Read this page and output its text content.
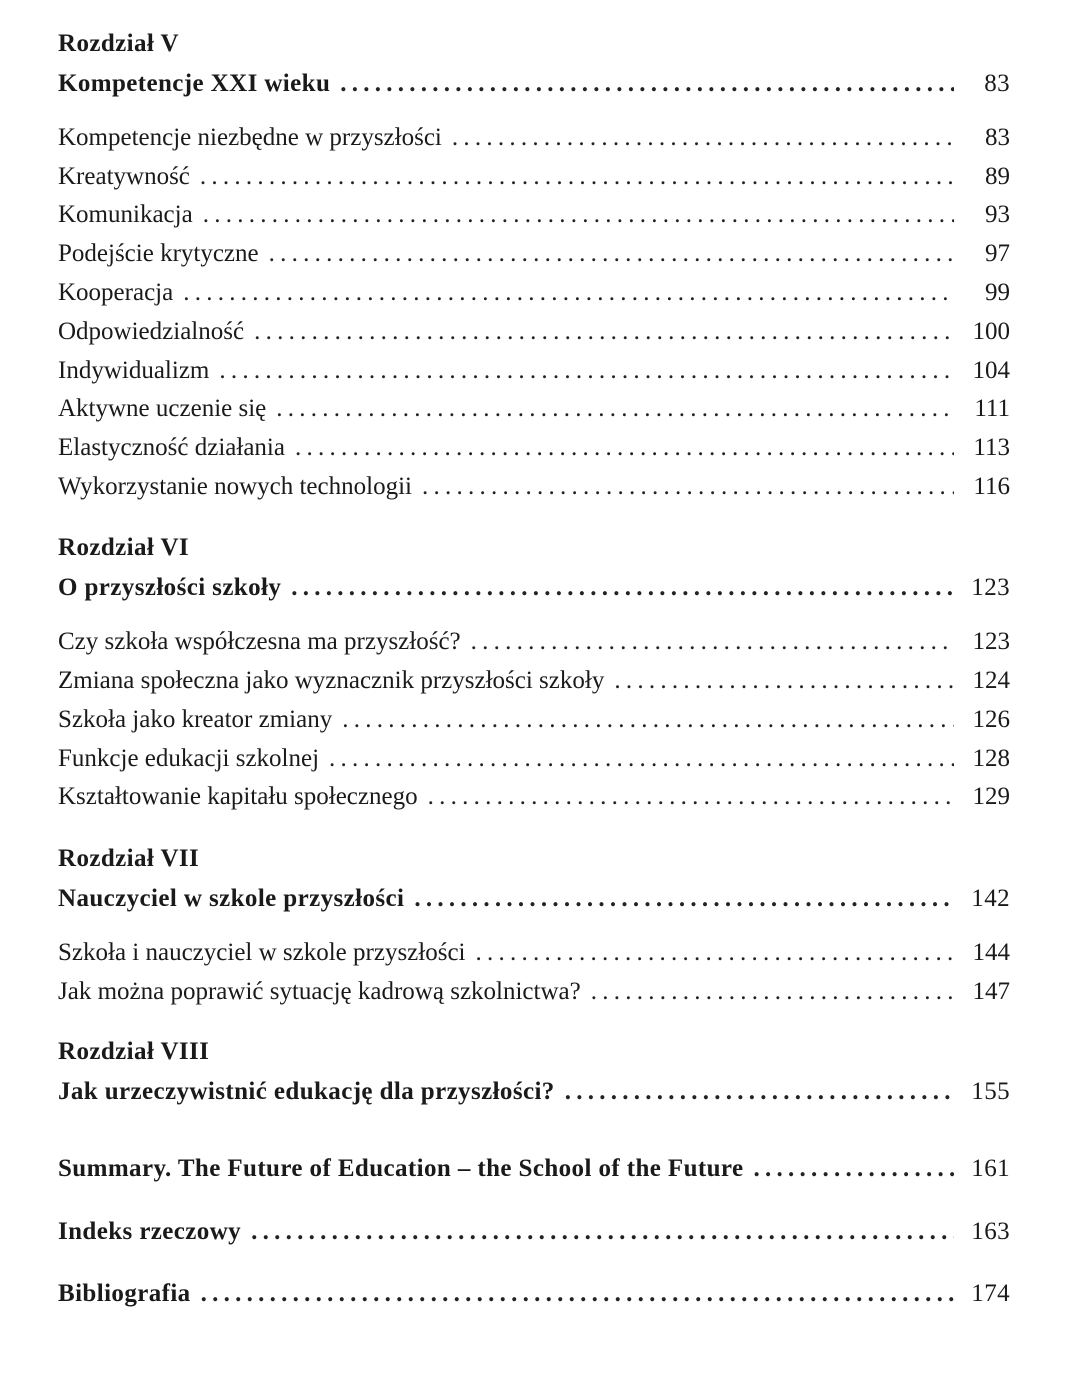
Rozdział V
Kompetencje XXI wieku . . .	83
Kompetencje niezbędne w przyszłości . . .	83
Kreatywność . . .	89
Komunikacja . . .	93
Podejście krytyczne . . .	97
Kooperacja . . .	99
Odpowiedzialność . . .	100
Indywidualizm . . .	104
Aktywne uczenie się . . .	111
Elastyczność działania . . .	113
Wykorzystanie nowych technologii . . .	116
Rozdział VI
O przyszłości szkoły . . .	123
Czy szkoła współczesna ma przyszłość? . . .	123
Zmiana społeczna jako wyznacznik przyszłości szkoły . . .	124
Szkoła jako kreator zmiany . . .	126
Funkcje edukacji szkolnej . . .	128
Kształtowanie kapitału społecznego . . .	129
Rozdział VII
Nauczyciel w szkole przyszłości . . .	142
Szkoła i nauczyciel w szkole przyszłości . . .	144
Jak można poprawić sytuację kadrową szkolnictwa? . . .	147
Rozdział VIII
Jak urzeczywistnić edukację dla przyszłości? . . .	155
Summary. The Future of Education – the School of the Future . . .	161
Indeks rzeczowy . . .	163
Bibliografia . . .	174
